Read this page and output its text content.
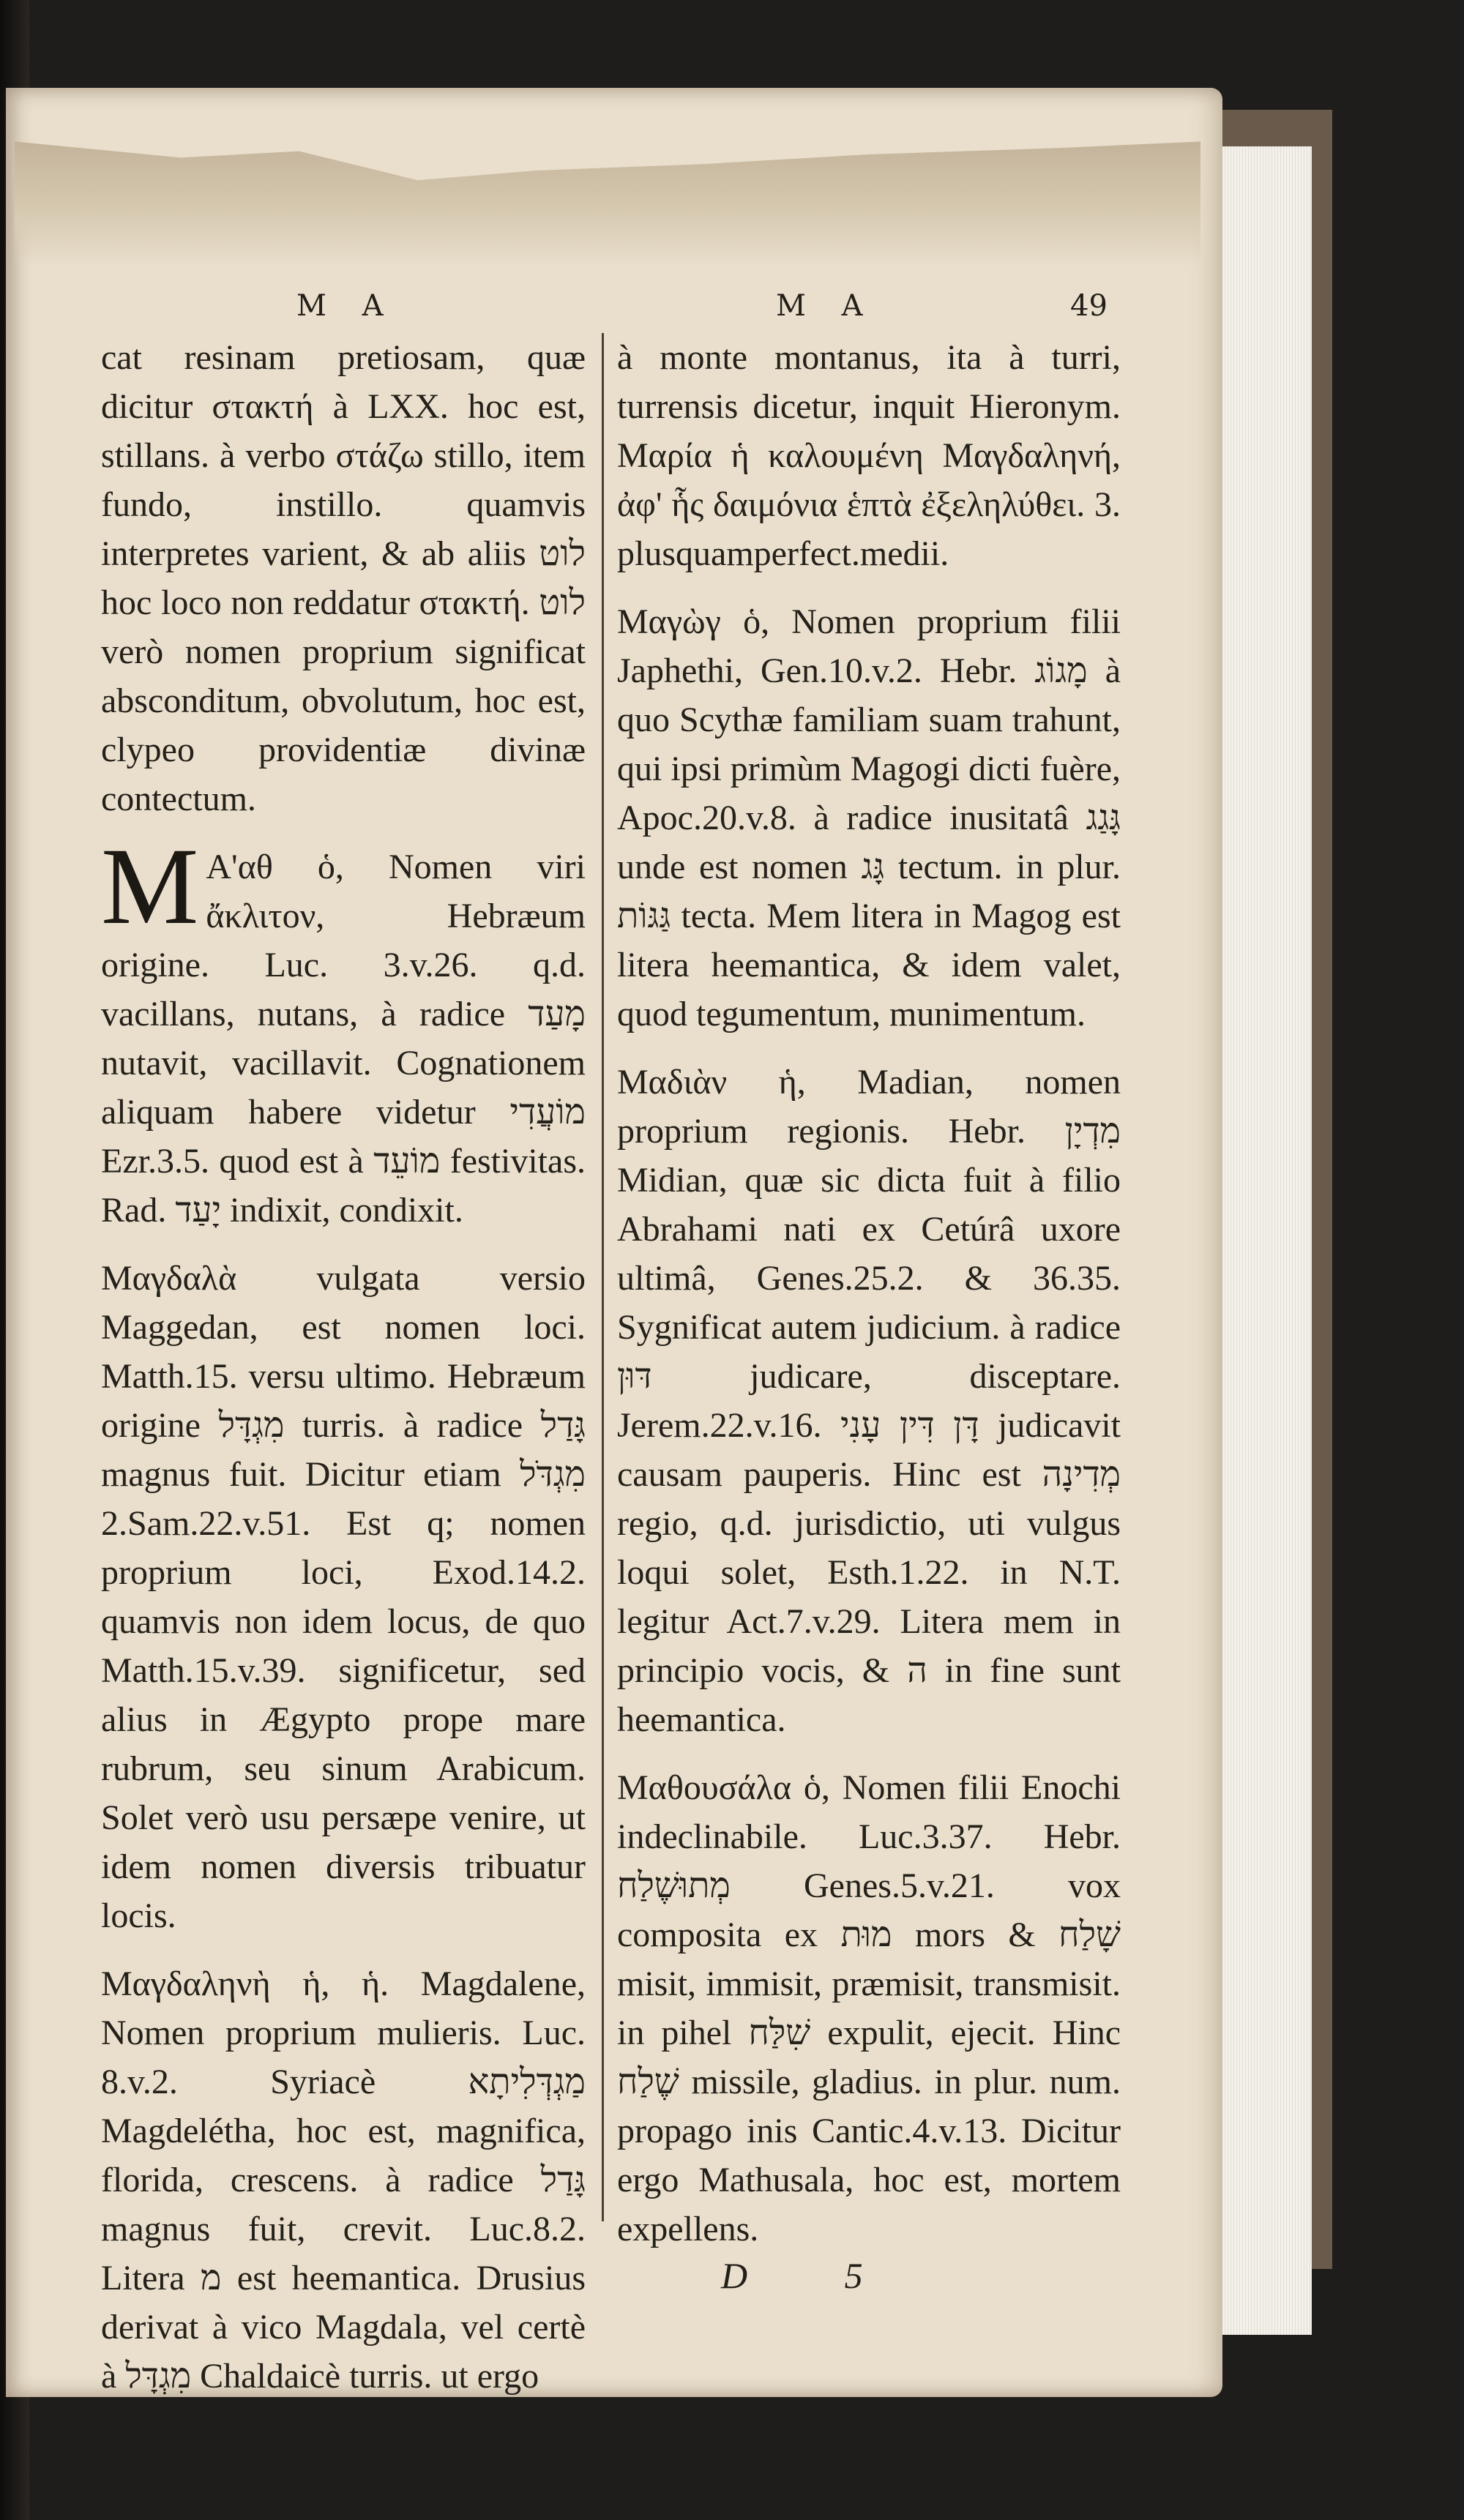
M A	M A	49

cat resinam pretiosam, quæ dicitur στακτή à LXX. hoc est, stillans. à verbo στάζω stillo, item fundo, instillo. quamvis interpretes varient, & ab aliis לוט hoc loco non reddatur στακτή. לוט verò nomen proprium significat absconditum, obvolutum, hoc est, clypeo providentiæ divinæ contectum.

M Α'αθ ὁ, Nomen viri ἄκλιτον, Hebræum origine. Luc. 3.v.26. q.d. vacillans, nutans, à radice מָעַד nutavit, vacillavit. Cognationem aliquam habere videtur מוֹעֲדִי Ezr.3.5. quod est à מוֹעֵד festivitas. Rad. יָעַד indixit, condixit.

Μαγδαλὰ vulgata versio Maggedan, est nomen loci. Matth.15. versu ultimo. Hebræum origine מִגְדָּל turris. à radice גָּדַל magnus fuit. Dicitur etiam מִגְדֹּל 2.Sam.22.v.51. Est q; nomen proprium loci, Exod.14.2. quamvis non idem locus, de quo Matth.15.v.39. significetur, sed alius in Ægypto prope mare rubrum, seu sinum Arabicum. Solet verò usu persæpe venire, ut idem nomen diversis tribuatur locis.

Μαγδαληνὴ ἡ, ἡ. Magdalene, Nomen proprium mulieris. Luc. 8.v.2. Syriacè מַגְדְּלִיתָא Magdelétha, hoc est, magnifica, florida, crescens. à radice גָּדַל magnus fuit, crevit. Luc.8.2. Litera מ est heemantica. Drusius derivat à vico Magdala, vel certè à מִגְדָּל Chaldaicè turris. ut ergo

à monte montanus, ita à turri, turrensis dicetur, inquit Hieronym. Μαρία ἡ καλουμένη Μαγδαληνή, ἀφ' ἧς δαιμόνια ἑπτὰ ἐξεληλύθει. 3. plusquamperfect.medii.

Μαγὼγ ὁ, Nomen proprium filii Japhethi, Gen.10.v.2. Hebr. מָגוֹג à quo Scythæ familiam suam trahunt, qui ipsi primùm Magogi dicti fuère, Apoc.20.v.8. à radice inusitatâ גָּגַג unde est nomen גָּג tectum. in plur. גַּגּוֹת tecta. Mem litera in Magog est litera heemantica, & idem valet, quod tegumentum, munimentum.

Μαδιὰν ἡ, Madian, nomen proprium regionis. Hebr. מִדְיָן Midian, quæ sic dicta fuit à filio Abrahami nati ex Cetúrâ uxore ultimâ, Genes.25.2. & 36.35. Sygnificat autem judicium. à radice דּוּן judicare, disceptare. Jerem.22.v.16. דָּן דִּין עָנִי judicavit causam pauperis. Hinc est מְדִינָה regio, q.d. jurisdictio, uti vulgus loqui solet, Esth.1.22. in N.T. legitur Act.7.v.29. Litera mem in principio vocis, & ה in fine sunt heemantica.

Μαθουσάλα ὁ, Nomen filii Enochi indeclinabile. Luc.3.37. Hebr. מְתוּשֶׁלַח Genes.5.v.21. vox composita ex מוּת mors & שָׁלַח misit, immisit, præmisit, transmisit. in pihel שִׁלַּח expulit, ejecit. Hinc שֶׁלַח missile, gladius. in plur. num. propago inis Cantic.4.v.13. Dicitur ergo Mathusala, hoc est, mortem expellens.

D 5
